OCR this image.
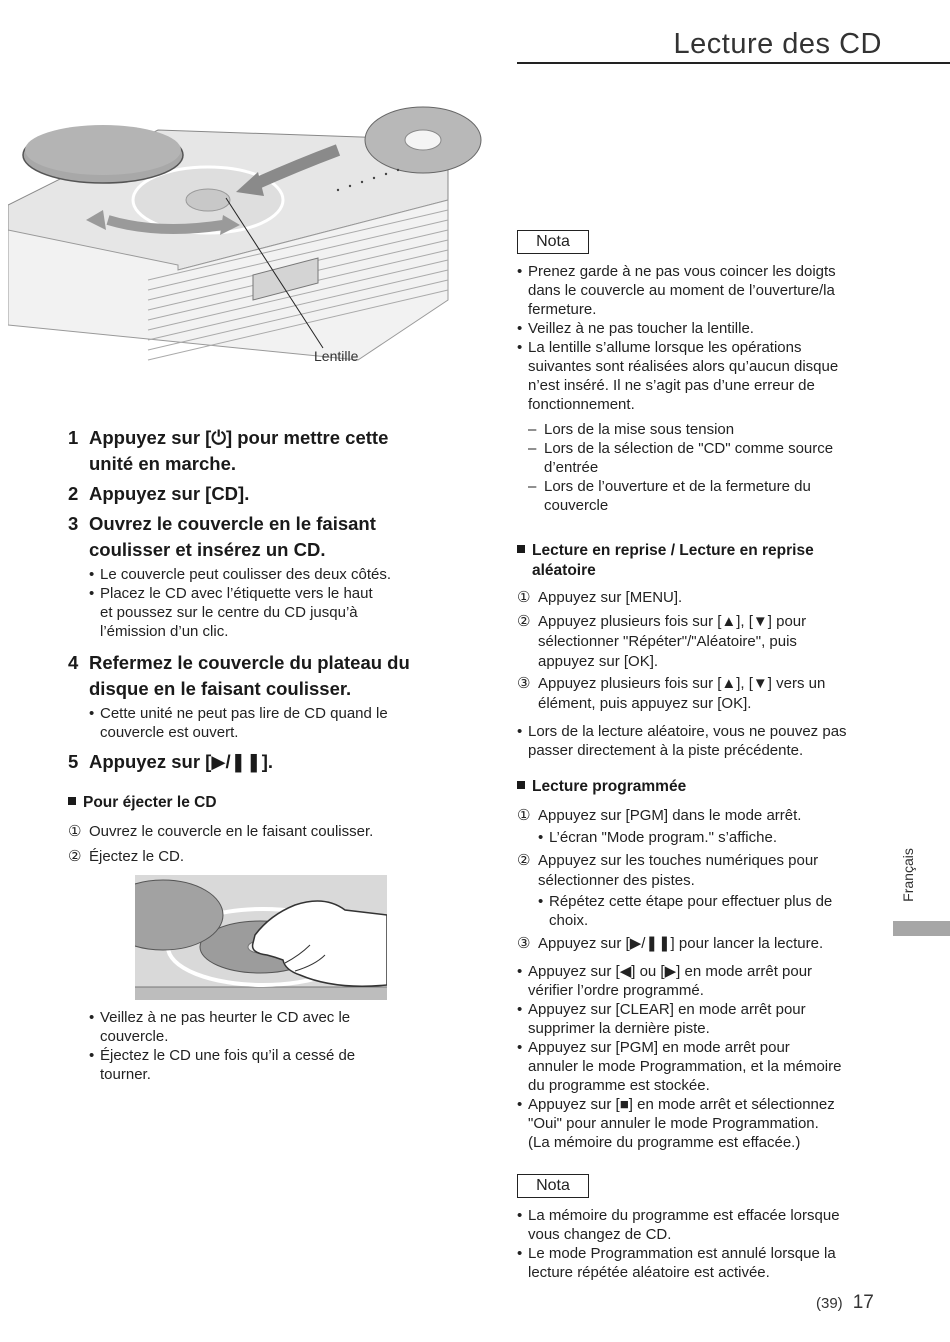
Lecture des CD
Lentille
1 Appuyez sur [⏻] pour mettre cette
unité en marche.
2 Appuyez sur [CD].
3 Ouvrez le couvercle en le faisant
coulisser et insérez un CD.
• Le couvercle peut coulisser des deux côtés.
• Placez le CD avec l’étiquette vers le haut
et poussez sur le centre du CD jusqu’à
l’émission d’un clic.
4 Refermez le couvercle du plateau du
disque en le faisant coulisser.
• Cette unité ne peut pas lire de CD quand le
couvercle est ouvert.
5 Appuyez sur [▶/❚❚].
Pour éjecter le CD
① Ouvrez le couvercle en le faisant coulisser.
② Éjectez le CD.
• Veillez à ne pas heurter le CD avec le
couvercle.
• Éjectez le CD une fois qu’il a cessé de
tourner.
Nota
• Prenez garde à ne pas vous coincer les doigts
dans le couvercle au moment de l’ouverture/la
fermeture.
• Veillez à ne pas toucher la lentille.
• La lentille s’allume lorsque les opérations
suivantes sont réalisées alors qu’aucun disque
n’est inséré. Il ne s’agit pas d’une erreur de
fonctionnement.
– Lors de la mise sous tension
– Lors de la sélection de "CD" comme source
d’entrée
– Lors de l’ouverture et de la fermeture du
couvercle
Lecture en reprise / Lecture en reprise
aléatoire
① Appuyez sur [MENU].
② Appuyez plusieurs fois sur [▲], [▼] pour
sélectionner "Répéter"/"Aléatoire", puis
appuyez sur [OK].
③ Appuyez plusieurs fois sur [▲], [▼] vers un
élément, puis appuyez sur [OK].
• Lors de la lecture aléatoire, vous ne pouvez pas
passer directement à la piste précédente.
Lecture programmée
① Appuyez sur [PGM] dans le mode arrêt.
• L’écran "Mode program." s’affiche.
② Appuyez sur les touches numériques pour
sélectionner des pistes.
• Répétez cette étape pour effectuer plus de
choix.
③ Appuyez sur [▶/❚❚] pour lancer la lecture.
• Appuyez sur [◀] ou [▶] en mode arrêt pour
vérifier l’ordre programmé.
• Appuyez sur [CLEAR] en mode arrêt pour
supprimer la dernière piste.
• Appuyez sur [PGM] en mode arrêt pour
annuler le mode Programmation, et la mémoire
du programme est stockée.
• Appuyez sur [■] en mode arrêt et sélectionnez
"Oui" pour annuler le mode Programmation.
(La mémoire du programme est effacée.)
Nota
• La mémoire du programme est effacée lorsque
vous changez de CD.
• Le mode Programmation est annulé lorsque la
lecture répétée aléatoire est activée.
Français
(39) 17
